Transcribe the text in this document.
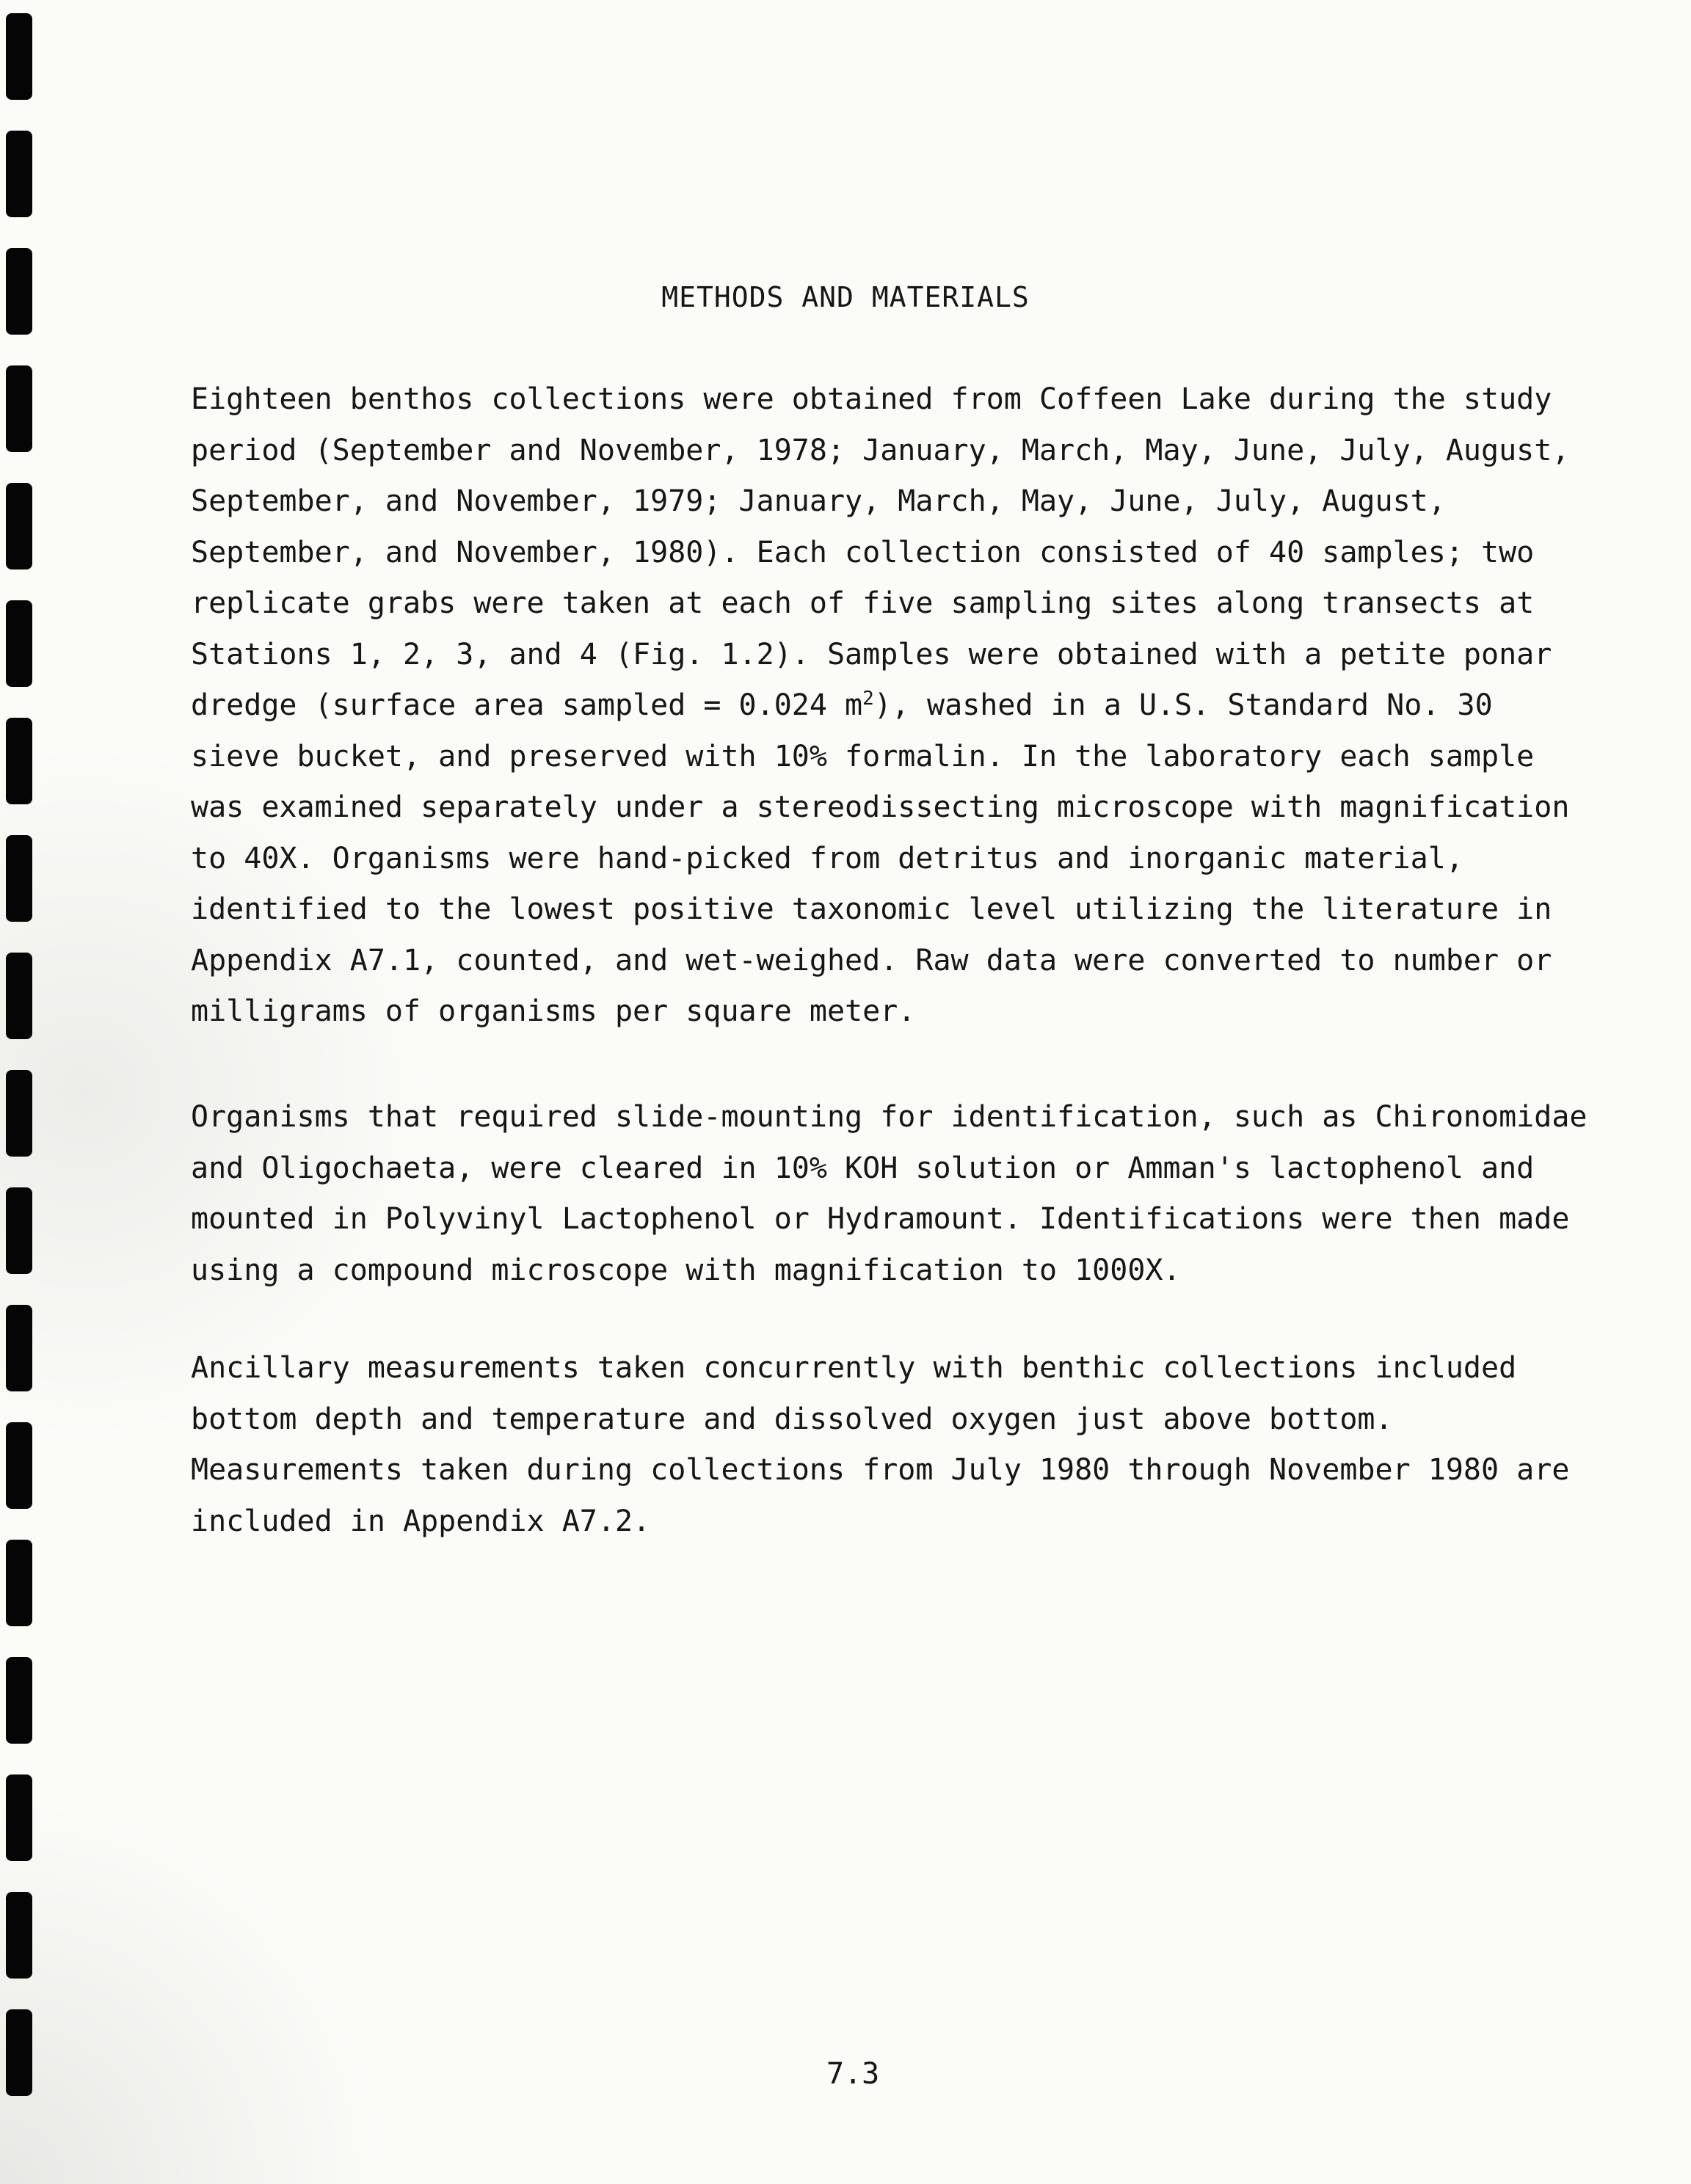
METHODS AND MATERIALS

Eighteen benthos collections were obtained from Coffeen Lake during the study
period (September and November, 1978; January, March, May, June, July, August,
September, and November, 1979; January, March, May, June, July, August,
September, and November, 1980). Each collection consisted of 40 samples; two
replicate grabs were taken at each of five sampling sites along transects at
Stations 1, 2, 3, and 4 (Fig. 1.2). Samples were obtained with a petite ponar
dredge (surface area sampled = 0.024 $m^2$), washed in a U.S. Standard No. 30
sieve bucket, and preserved with 10% formalin. In the laboratory each sample
was examined separately under a stereodissecting microscope with magnification
to 40X. Organisms were hand-picked from detritus and inorganic material,
identified to the lowest positive taxonomic level utilizing the literature in
Appendix A7.1, counted, and wet-weighed. Raw data were converted to number or
milligrams of organisms per square meter.

Organisms that required slide-mounting for identification, such as Chironomidae
and Oligochaeta, were cleared in 10% KOH solution or Amman's lactophenol and
mounted in Polyvinyl Lactophenol or Hydramount. Identifications were then made
using a compound microscope with magnification to 1000X.

Ancillary measurements taken concurrently with benthic collections included
bottom depth and temperature and dissolved oxygen just above bottom.
Measurements taken during collections from July 1980 through November 1980 are
included in Appendix A7.2.

7.3
